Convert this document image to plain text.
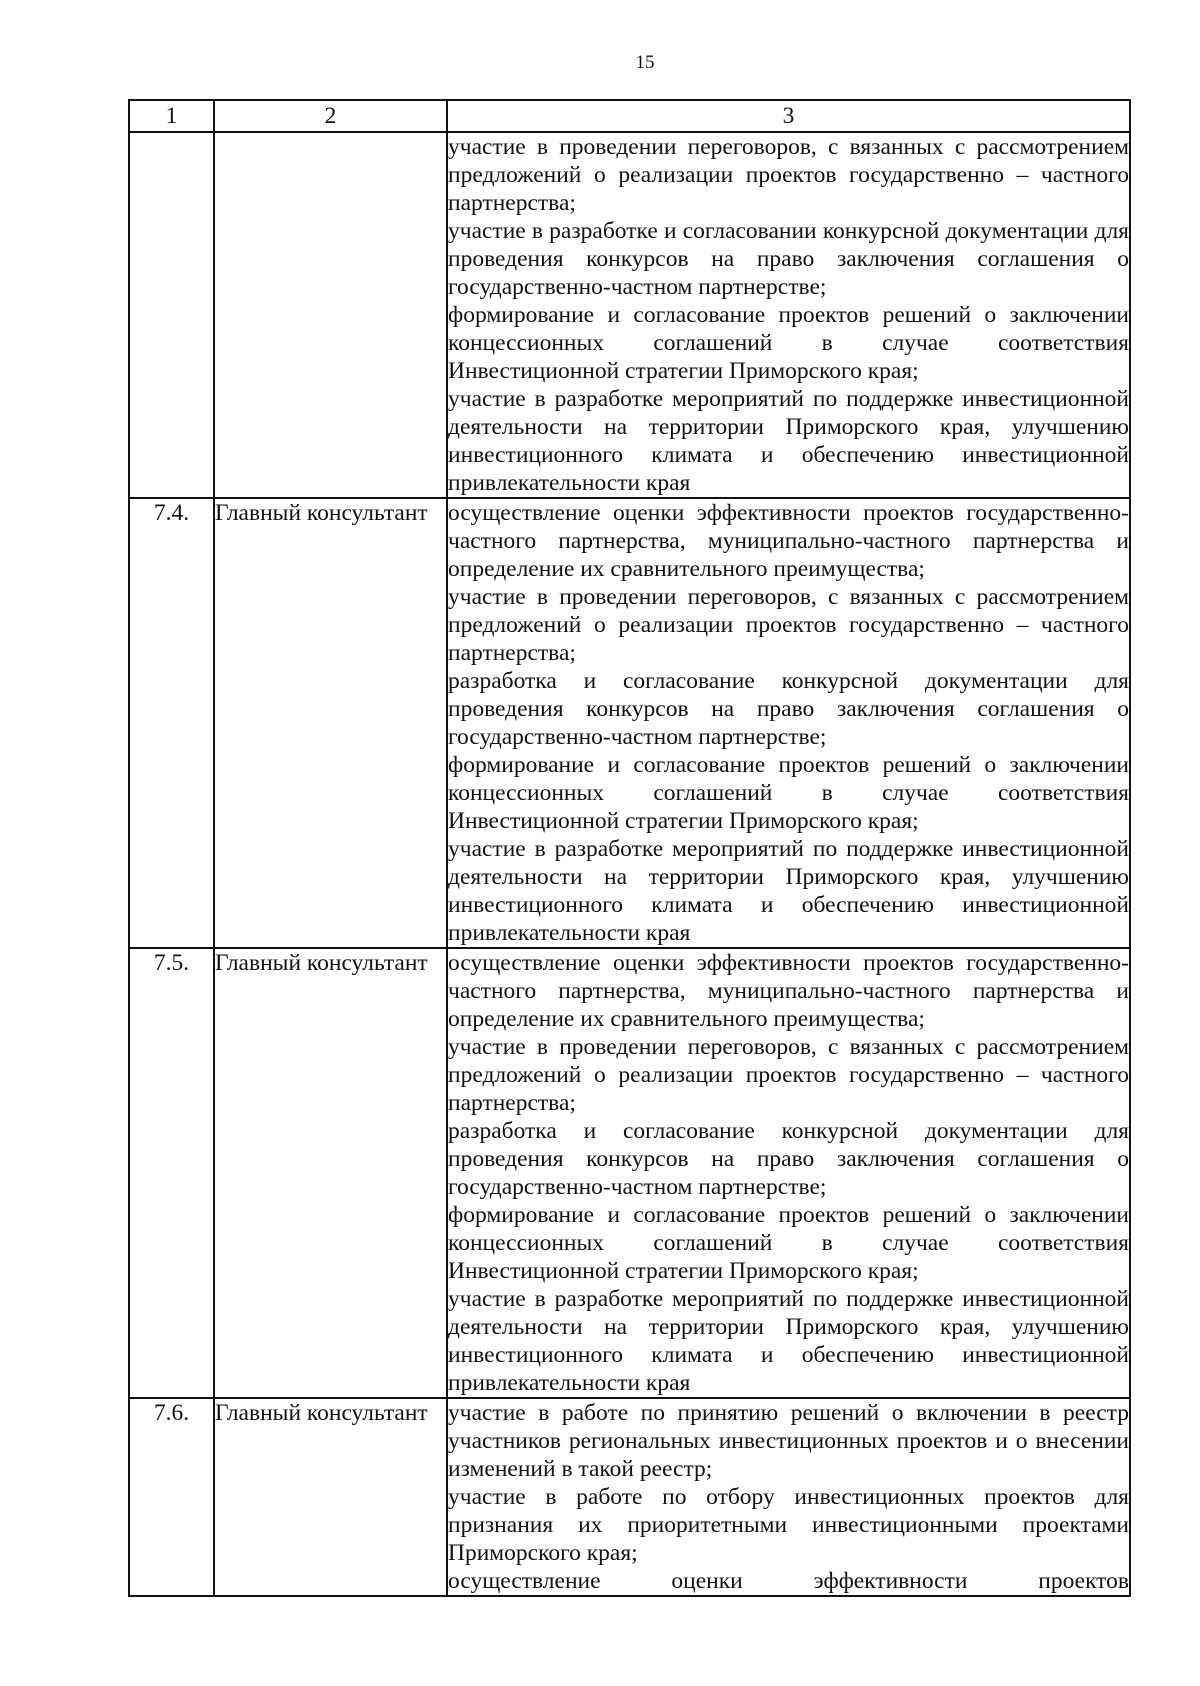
15
1	2	3

		участие в проведении переговоров, с вязанных с рассмотрением предложений о реализации проектов государственно – частного партнерства;

участие в разработке и согласовании конкурсной документации для проведения конкурсов на право заключения соглашения о государственно-частном партнерстве;

формирование и согласование проектов решений о заключении концессионных соглашений в случае соответствия Инвестиционной стратегии Приморского края;

участие в разработке мероприятий по поддержке инвестиционной деятельности на территории Приморского края, улучшению инвестиционного климата и обеспечению инвестиционной привлекательности края

7.4.	Главный консультант	осуществление оценки эффективности проектов государственно-частного партнерства, муниципально-частного партнерства и определение их сравнительного преимущества;

участие в проведении переговоров, с вязанных с рассмотрением предложений о реализации проектов государственно – частного партнерства;

разработка и согласование конкурсной документации для проведения конкурсов на право заключения соглашения о государственно-частном партнерстве;

формирование и согласование проектов решений о заключении концессионных соглашений в случае соответствия Инвестиционной стратегии Приморского края;

участие в разработке мероприятий по поддержке инвестиционной деятельности на территории Приморского края, улучшению инвестиционного климата и обеспечению инвестиционной привлекательности края

7.5.	Главный консультант	осуществление оценки эффективности проектов государственно-частного партнерства, муниципально-частного партнерства и определение их сравнительного преимущества;

участие в проведении переговоров, с вязанных с рассмотрением предложений о реализации проектов государственно – частного партнерства;

разработка и согласование конкурсной документации для проведения конкурсов на право заключения соглашения о государственно-частном партнерстве;

формирование и согласование проектов решений о заключении концессионных соглашений в случае соответствия Инвестиционной стратегии Приморского края;

участие в разработке мероприятий по поддержке инвестиционной деятельности на территории Приморского края, улучшению инвестиционного климата и обеспечению инвестиционной привлекательности края

7.6.	Главный консультант	участие в работе по принятию решений о включении в реестр участников региональных инвестиционных проектов и о внесении изменений в такой реестр;

участие в работе по отбору инвестиционных проектов для признания их приоритетными инвестиционными проектами Приморского края;

осуществление оценки эффективности проектов
